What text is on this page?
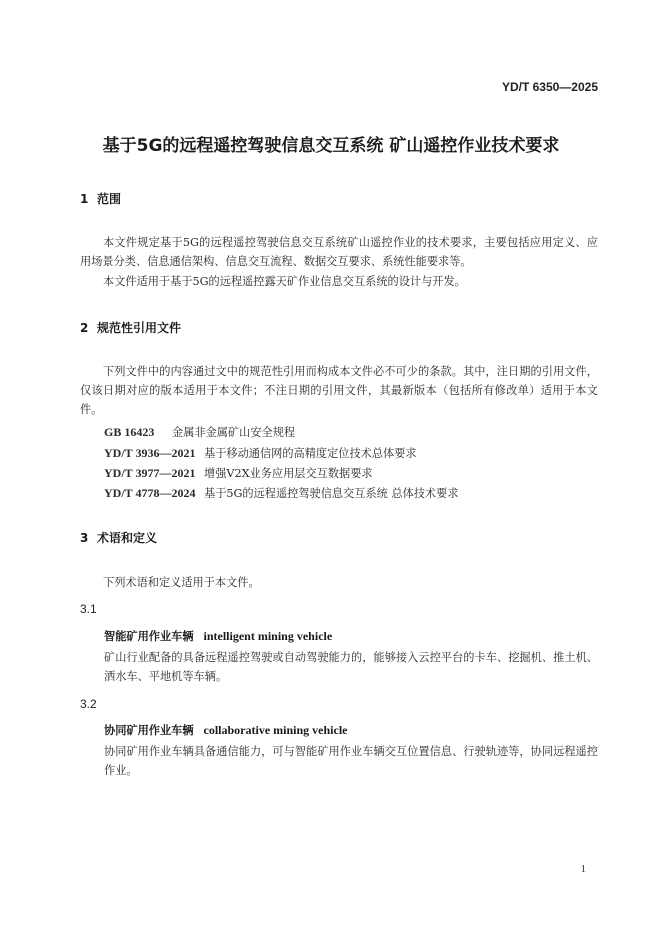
YD/T 6350—2025
基于5G的远程遥控驾驶信息交互系统 矿山遥控作业技术要求
1 范围
本文件规定基于5G的远程遥控驾驶信息交互系统矿山遥控作业的技术要求，主要包括应用定义、应用场景分类、信息通信架构、信息交互流程、数据交互要求、系统性能要求等。
本文件适用于基于5G的远程遥控露天矿作业信息交互系统的设计与开发。
2 规范性引用文件
下列文件中的内容通过文中的规范性引用而构成本文件必不可少的条款。其中，注日期的引用文件，仅该日期对应的版本适用于本文件；不注日期的引用文件，其最新版本（包括所有修改单）适用于本文件。
GB 16423 金属非金属矿山安全规程
YD/T 3936—2021 基于移动通信网的高精度定位技术总体要求
YD/T 3977—2021 增强V2X业务应用层交互数据要求
YD/T 4778—2024 基于5G的远程遥控驾驶信息交互系统 总体技术要求
3 术语和定义
下列术语和定义适用于本文件。
3.1
智能矿用作业车辆 intelligent mining vehicle
矿山行业配备的具备远程遥控驾驶或自动驾驶能力的，能够接入云控平台的卡车、挖掘机、推土机、洒水车、平地机等车辆。
3.2
协同矿用作业车辆 collaborative mining vehicle
协同矿用作业车辆具备通信能力，可与智能矿用作业车辆交互位置信息、行驶轨迹等，协同远程遥控作业。
1
